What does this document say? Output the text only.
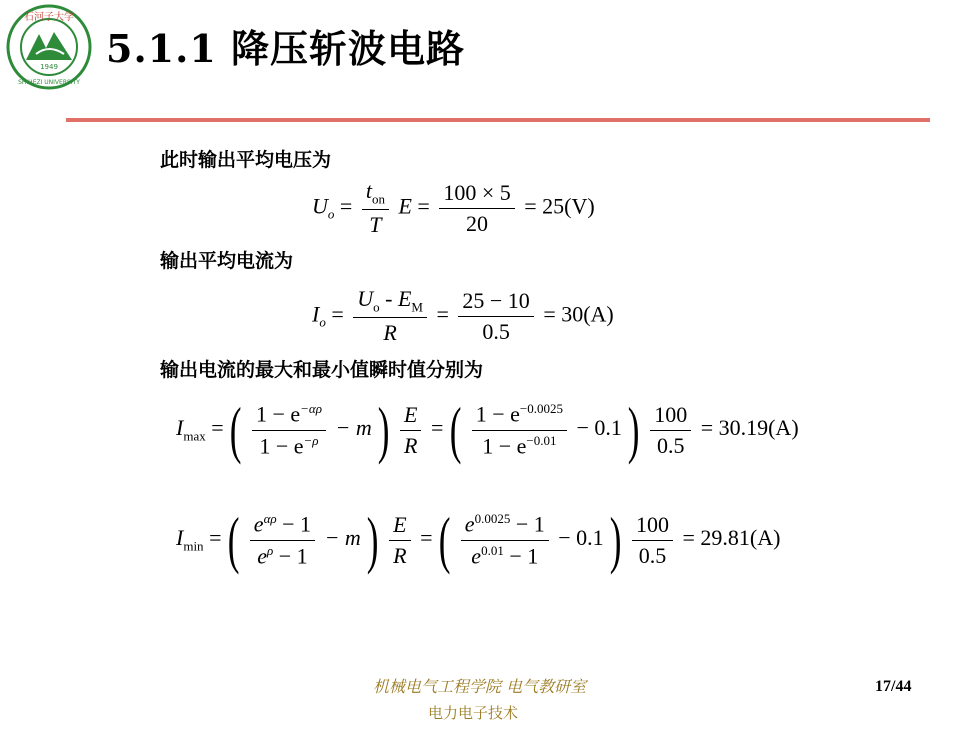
1949
石河子大学
SHIHEZI UNIVERSITY
5.1.1 降压斩波电路
此时输出平均电压为
$U_o = \frac{t_{on}}{T}$ $E = \frac{100 \times 5}{20} = 25(V)$
输出平均电流为
$I_o = \frac{U_o - E_M}{R} = \frac{25 - 10}{0.5} = 30(A)$
输出电流的最大和最小值瞬时值分别为
$I_{max}$ = ( $\frac{1 - e^{-\alpha\rho}}{1 - e^{-\rho}} - m$ ) $\frac{E}{R}$ = ( $\frac{1 - e^{-0.0025}}{1 - e^{-0.01}} - 0.1$ ) $\frac{100}{0.5} = 30.19(A)$
$I_{min}$ = ( $\frac{e^{\alpha\rho} - 1}{e^\rho - 1} - m$ ) $\frac{E}{R}$ = ( $\frac{e^{0.0025} - 1}{e^{0.01} - 1} - 0.1$ ) $\frac{100}{0.5} = 29.81(A)$
机械电气工程学院 电气教研室
电力电子技术
17/44
